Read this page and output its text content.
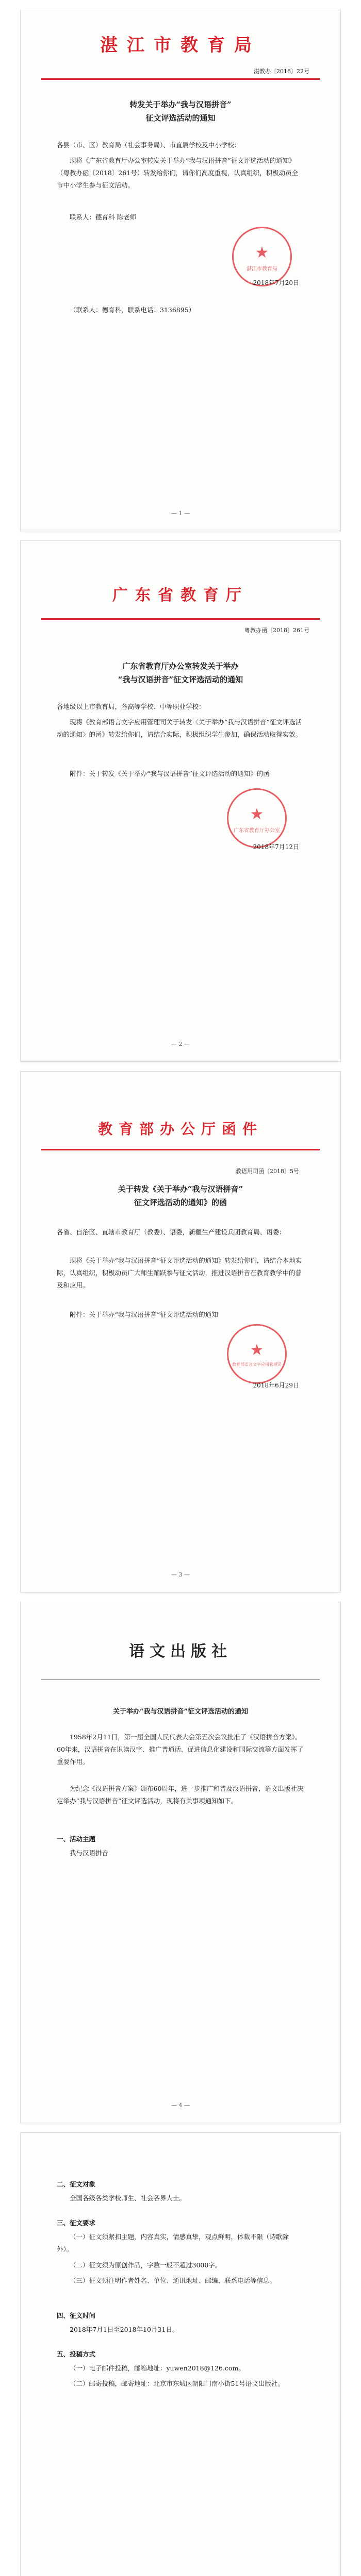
湛江市教育局
湛教办〔2018〕22号
转发关于举办“我与汉语拼音”
征文评选活动的通知
各县（市、区）教育局（社会事务局）、市直属学校及中小学校：
现将《广东省教育厅办公室转发关于举办“我与汉语拼音”征文评选活动的通知》（粤教办函〔2018〕261号）转发给你们，请你们高度重视，认真组织，积极动员全市中小学生参与征文活动。
联系人：德育科 陈老师
★
湛江市教育局
2018年7月20日
（联系人：德育科，联系电话：3136895）
— 1 —
广东省教育厅
粤教办函〔2018〕261号
广东省教育厅办公室转发关于举办
“我与汉语拼音”征文评选活动的通知
各地级以上市教育局，各高等学校、中等职业学校：
现将《教育部语言文字应用管理司关于转发〈关于举办“我与汉语拼音”征文评选活动的通知〉的函》转发给你们，请结合实际，积极组织学生参加，确保活动取得实效。
附件：关于转发《关于举办“我与汉语拼音”征文评选活动的通知》的函
★
广东省教育厅办公室
2018年7月12日
— 2 —
教育部办公厅函件
教语用司函〔2018〕5号
关于转发《关于举办“我与汉语拼音”
征文评选活动的通知》的函
各省、自治区、直辖市教育厅（教委）、语委，新疆生产建设兵团教育局、语委：
现将《关于举办“我与汉语拼音”征文评选活动的通知》转发给你们，请结合本地实际，认真组织，积极动员广大师生踊跃参与征文活动，推进汉语拼音在教育教学中的普及和应用。
附件：关于举办“我与汉语拼音”征文评选活动的通知
★
教育部语言文字应用管理司
2018年6月29日
— 3 —
语文出版社
关于举办“我与汉语拼音”征文评选活动的通知
1958年2月11日，第一届全国人民代表大会第五次会议批准了《汉语拼音方案》。60年来，汉语拼音在识读汉字、推广普通话、促进信息化建设和国际交流等方面发挥了重要作用。
为纪念《汉语拼音方案》颁布60周年，进一步推广和普及汉语拼音，语文出版社决定举办“我与汉语拼音”征文评选活动，现将有关事项通知如下。
一、活动主题
我与汉语拼音
— 4 —
二、征文对象
全国各级各类学校师生、社会各界人士。
三、征文要求
（一）征文须紧扣主题，内容真实，情感真挚，观点鲜明，体裁不限（诗歌除外）。
（二）征文须为原创作品，字数一般不超过3000字。
（三）征文须注明作者姓名、单位、通讯地址、邮编、联系电话等信息。
四、征文时间
2018年7月1日至2018年10月31日。
五、投稿方式
（一）电子邮件投稿，邮箱地址：yuwen2018@126.com。
（二）邮寄投稿，邮寄地址：北京市东城区朝阳门南小街51号语文出版社。
